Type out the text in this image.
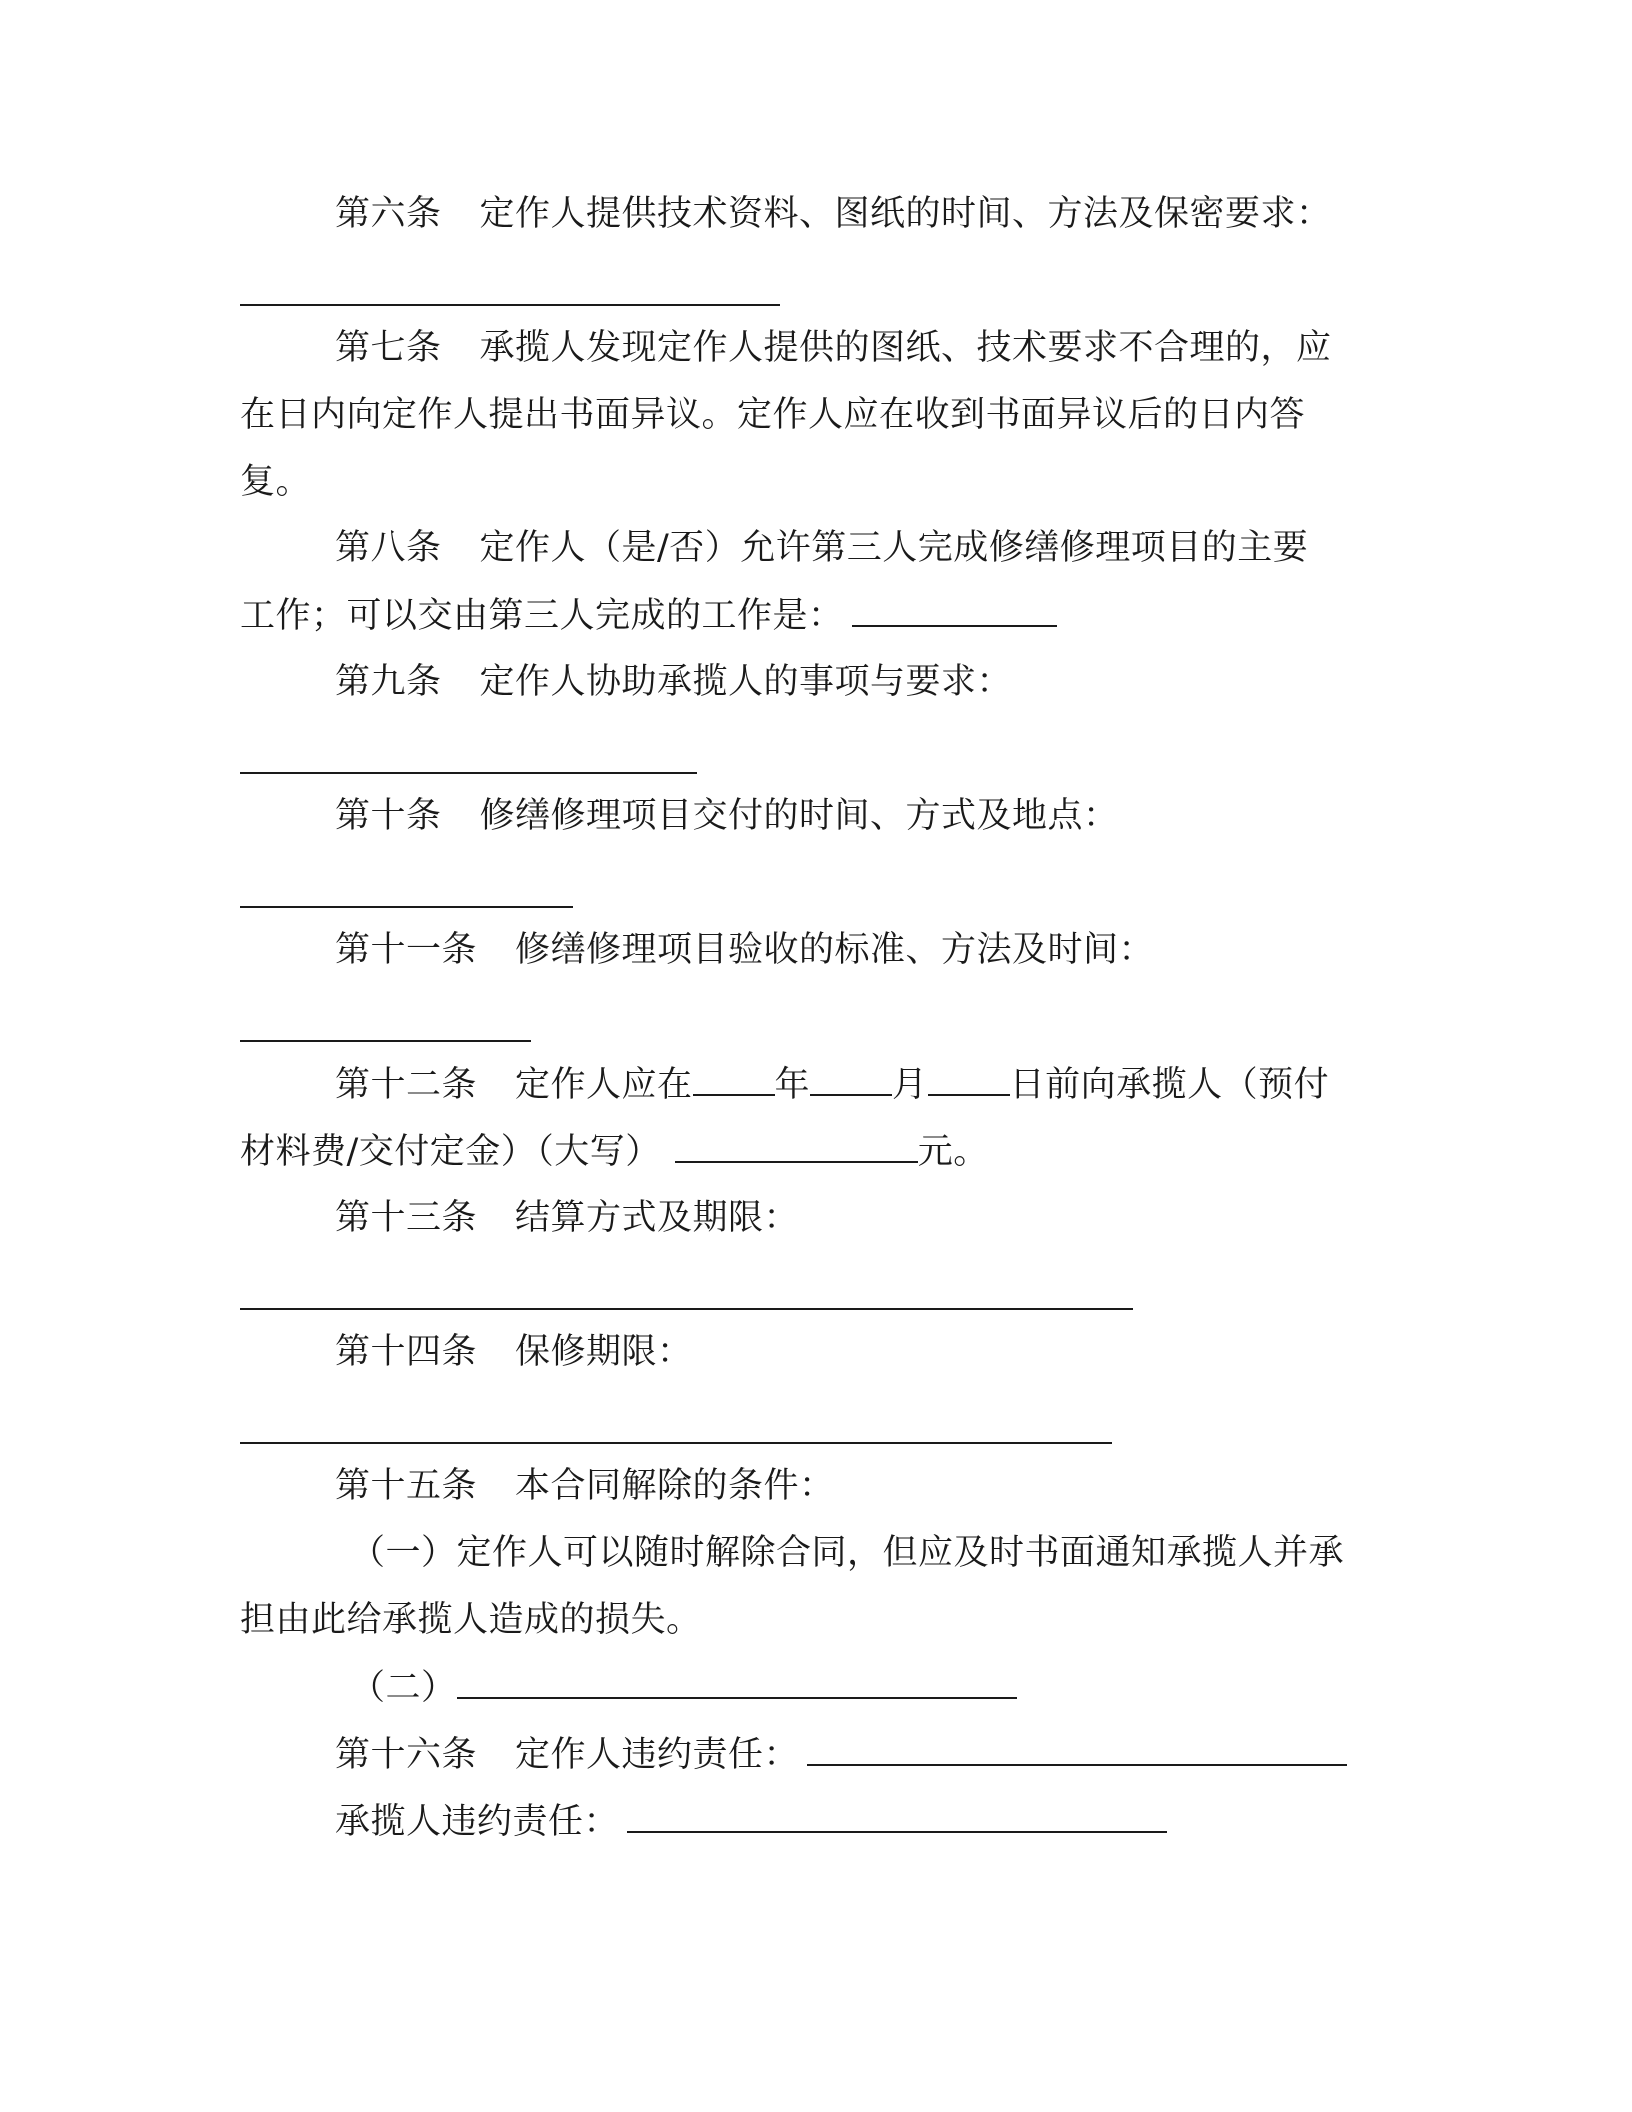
第六条 定作人提供技术资料、图纸的时间、方法及保密要求：
第七条 承揽人发现定作人提供的图纸、技术要求不合理的，应
在日内向定作人提出书面异议。定作人应在收到书面异议后的日内答
复。
第八条 定作人（是/否）允许第三人完成修缮修理项目的主要
工作；可以交由第三人完成的工作是：
第九条 定作人协助承揽人的事项与要求：
第十条 修缮修理项目交付的时间、方式及地点：
第十一条 修缮修理项目验收的标准、方法及时间：
第十二条 定作人应在 年 月 日前向承揽人（预付
材料费/交付定金）（大写）	元。
第十三条 结算方式及期限：
第十四条 保修期限：
第十五条 本合同解除的条件：
（一）定作人可以随时解除合同，但应及时书面通知承揽人并承
担由此给承揽人造成的损失。
（二）
第十六条 定作人违约责任：
承揽人违约责任：
